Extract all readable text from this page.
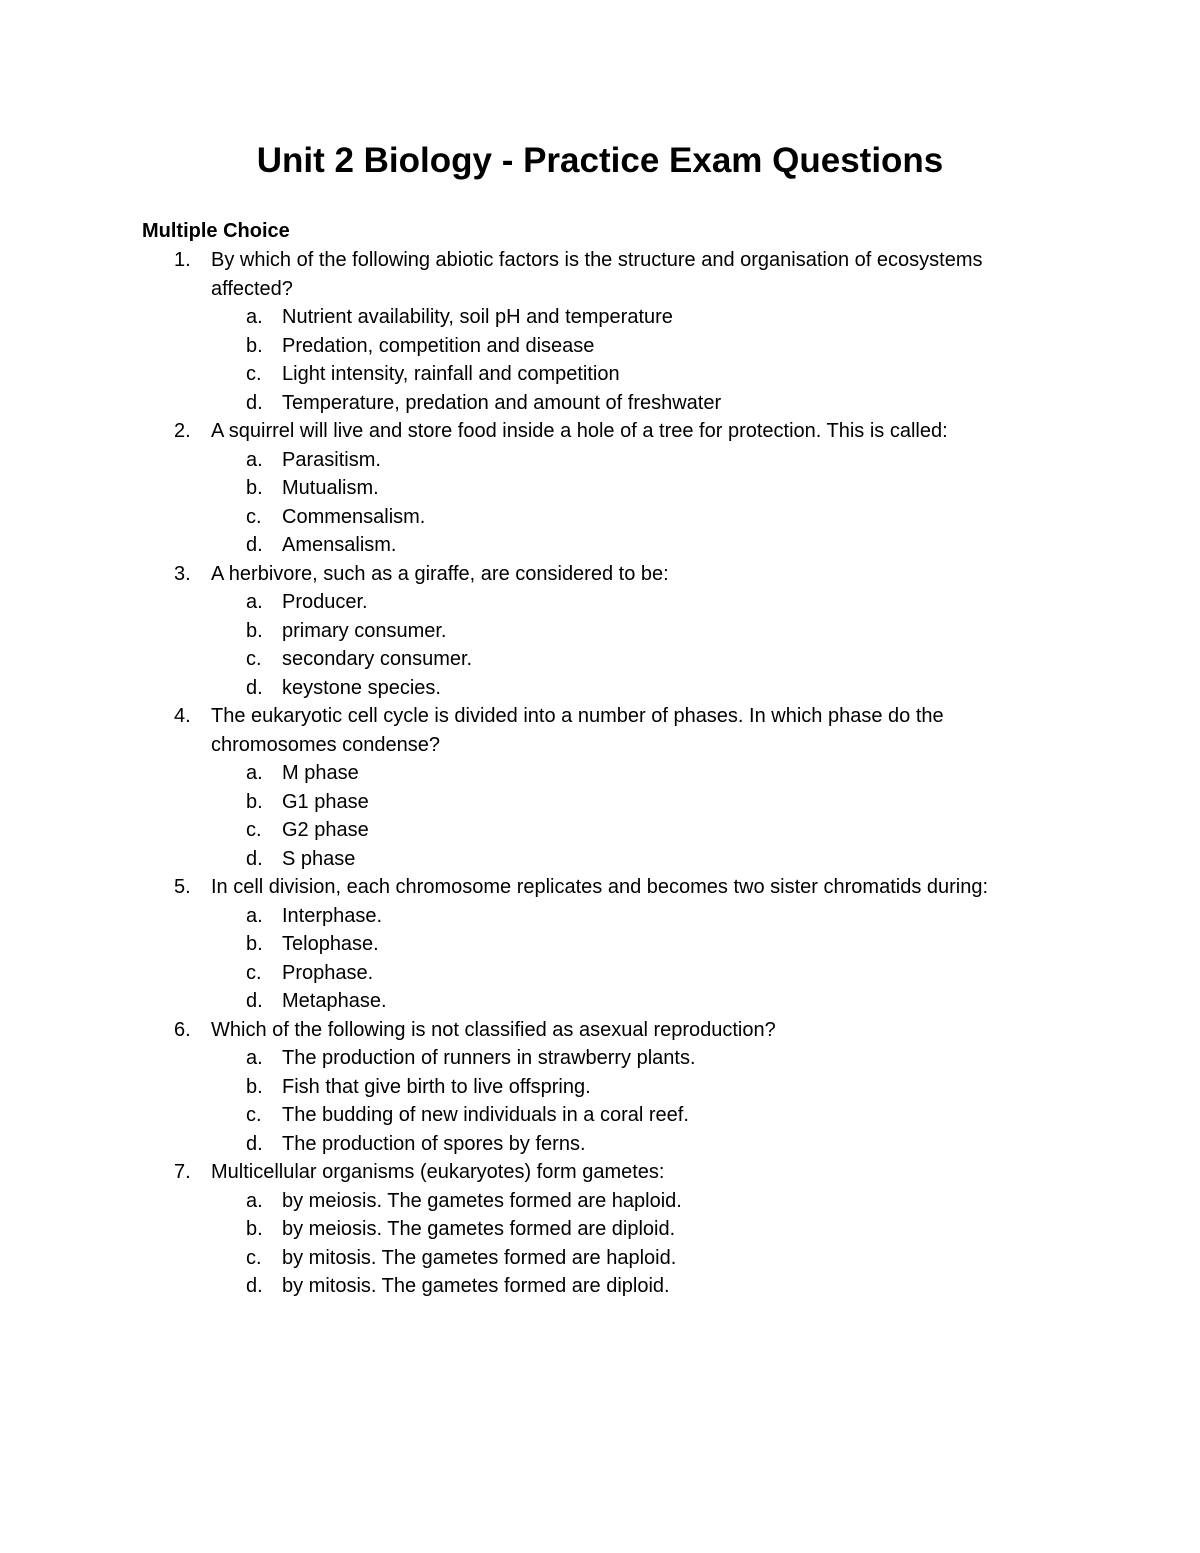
Unit 2 Biology - Practice Exam Questions
Multiple Choice
1.	By which of the following abiotic factors is the structure and organisation of ecosystems affected?
a. Nutrient availability, soil pH and temperature
b. Predation, competition and disease
c.	Light intensity, rainfall and competition
d. Temperature, predation and amount of freshwater
2.	A squirrel will live and store food inside a hole of a tree for protection. This is called:
a. Parasitism.
b. Mutualism.
c.	Commensalism.
d. Amensalism.
3.	A herbivore, such as a giraffe, are considered to be:
a. Producer.
b. primary consumer.
c.	secondary consumer.
d. keystone species.
4.	The eukaryotic cell cycle is divided into a number of phases. In which phase do the chromosomes condense?
a. M phase
b. G1 phase
c.	G2 phase
d. S phase
5.	In cell division, each chromosome replicates and becomes two sister chromatids during:
a. Interphase.
b. Telophase.
c.	Prophase.
d. Metaphase.
6.	Which of the following is not classified as asexual reproduction?
a. The production of runners in strawberry plants.
b. Fish that give birth to live offspring.
c.	The budding of new individuals in a coral reef.
d. The production of spores by ferns.
7.	Multicellular organisms (eukaryotes) form gametes:
a. by meiosis. The gametes formed are haploid.
b. by meiosis. The gametes formed are diploid.
c.	by mitosis. The gametes formed are haploid.
d. by mitosis. The gametes formed are diploid.
